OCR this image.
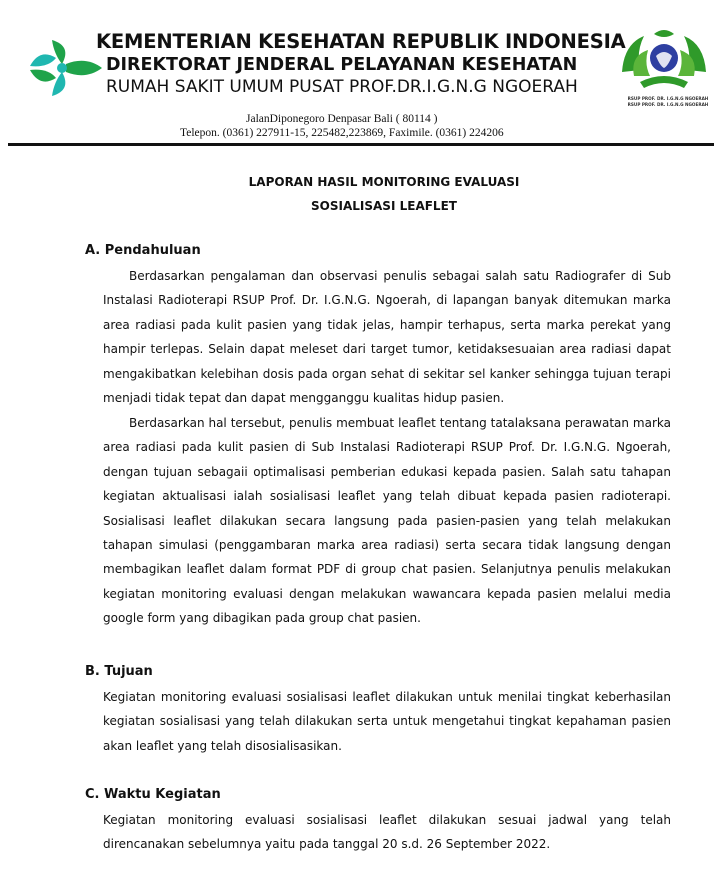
KEMENTERIAN KESEHATAN REPUBLIK INDONESIA
DIREKTORAT JENDERAL PELAYANAN KESEHATAN
RUMAH SAKIT UMUM PUSAT PROF.DR.I.G.N.G NGOERAH
JalanDiponegoro Denpasar Bali ( 80114 )
Telepon. (0361) 227911-15, 225482,223869, Faximile. (0361) 224206
RSUP PROF. DR. I.G.N.G NGOERAH
RSUP PROF. DR. I.G.N.G NGOERAH
LAPORAN HASIL MONITORING EVALUASI
SOSIALISASI LEAFLET
A. Pendahuluan
Berdasarkan pengalaman dan observasi penulis sebagai salah satu Radiografer di Sub Instalasi Radioterapi RSUP Prof. Dr. I.G.N.G. Ngoerah, di lapangan banyak ditemukan marka area radiasi pada kulit pasien yang tidak jelas, hampir terhapus, serta marka perekat yang hampir terlepas. Selain dapat meleset dari target tumor, ketidaksesuaian area radiasi dapat mengakibatkan kelebihan dosis pada organ sehat di sekitar sel kanker sehingga tujuan terapi menjadi tidak tepat dan dapat mengganggu kualitas hidup pasien.
Berdasarkan hal tersebut, penulis membuat leaflet tentang tatalaksana perawatan marka area radiasi pada kulit pasien di Sub Instalasi Radioterapi RSUP Prof. Dr. I.G.N.G. Ngoerah, dengan tujuan sebagaii optimalisasi pemberian edukasi kepada pasien. Salah satu tahapan kegiatan aktualisasi ialah sosialisasi leaflet yang telah dibuat kepada pasien radioterapi. Sosialisasi leaflet dilakukan secara langsung pada pasien-pasien yang telah melakukan tahapan simulasi (penggambaran marka area radiasi) serta secara tidak langsung dengan membagikan leaflet dalam format PDF di group chat pasien. Selanjutnya penulis melakukan kegiatan monitoring evaluasi dengan melakukan wawancara kepada pasien melalui media google form yang dibagikan pada group chat pasien.
B. Tujuan
Kegiatan monitoring evaluasi sosialisasi leaflet dilakukan untuk menilai tingkat keberhasilan kegiatan sosialisasi yang telah dilakukan serta untuk mengetahui tingkat kepahaman pasien akan leaflet yang telah disosialisasikan.
C. Waktu Kegiatan
Kegiatan monitoring evaluasi sosialisasi leaflet dilakukan sesuai jadwal yang telah direncanakan sebelumnya yaitu pada tanggal 20 s.d. 26 September 2022.
